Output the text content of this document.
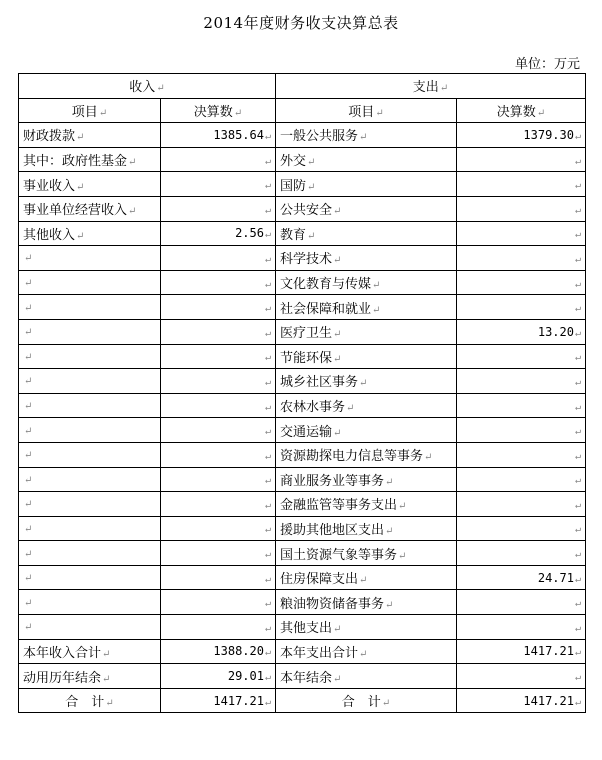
2014年度财务收支决算总表
单位：万元
收入↵		支出↵	
项目↵	决算数↵	项目↵	决算数↵
财政拨款↵	1385.64↵	一般公共服务↵	1379.30↵
其中：政府性基金↵	↵	外交↵	↵
事业收入↵	↵	国防↵	↵
事业单位经营收入↵	↵	公共安全↵	↵
其他收入↵	2.56↵	教育↵	↵
↵	↵	科学技术↵	↵
↵	↵	文化教育与传媒↵	↵
↵	↵	社会保障和就业↵	↵
↵	↵	医疗卫生↵	13.20↵
↵	↵	节能环保↵	↵
↵	↵	城乡社区事务↵	↵
↵	↵	农林水事务↵	↵
↵	↵	交通运输↵	↵
↵	↵	资源勘探电力信息等事务↵	↵
↵	↵	商业服务业等事务↵	↵
↵	↵	金融监管等事务支出↵	↵
↵	↵	援助其他地区支出↵	↵
↵	↵	国土资源气象等事务↵	↵
↵	↵	住房保障支出↵	24.71↵
↵	↵	粮油物资储备事务↵	↵
↵	↵	其他支出↵	↵
本年收入合计↵	1388.20↵	本年支出合计↵	1417.21↵
动用历年结余↵	29.01↵	本年结余↵	↵
合　计↵	1417.21↵	合　计↵	1417.21↵
